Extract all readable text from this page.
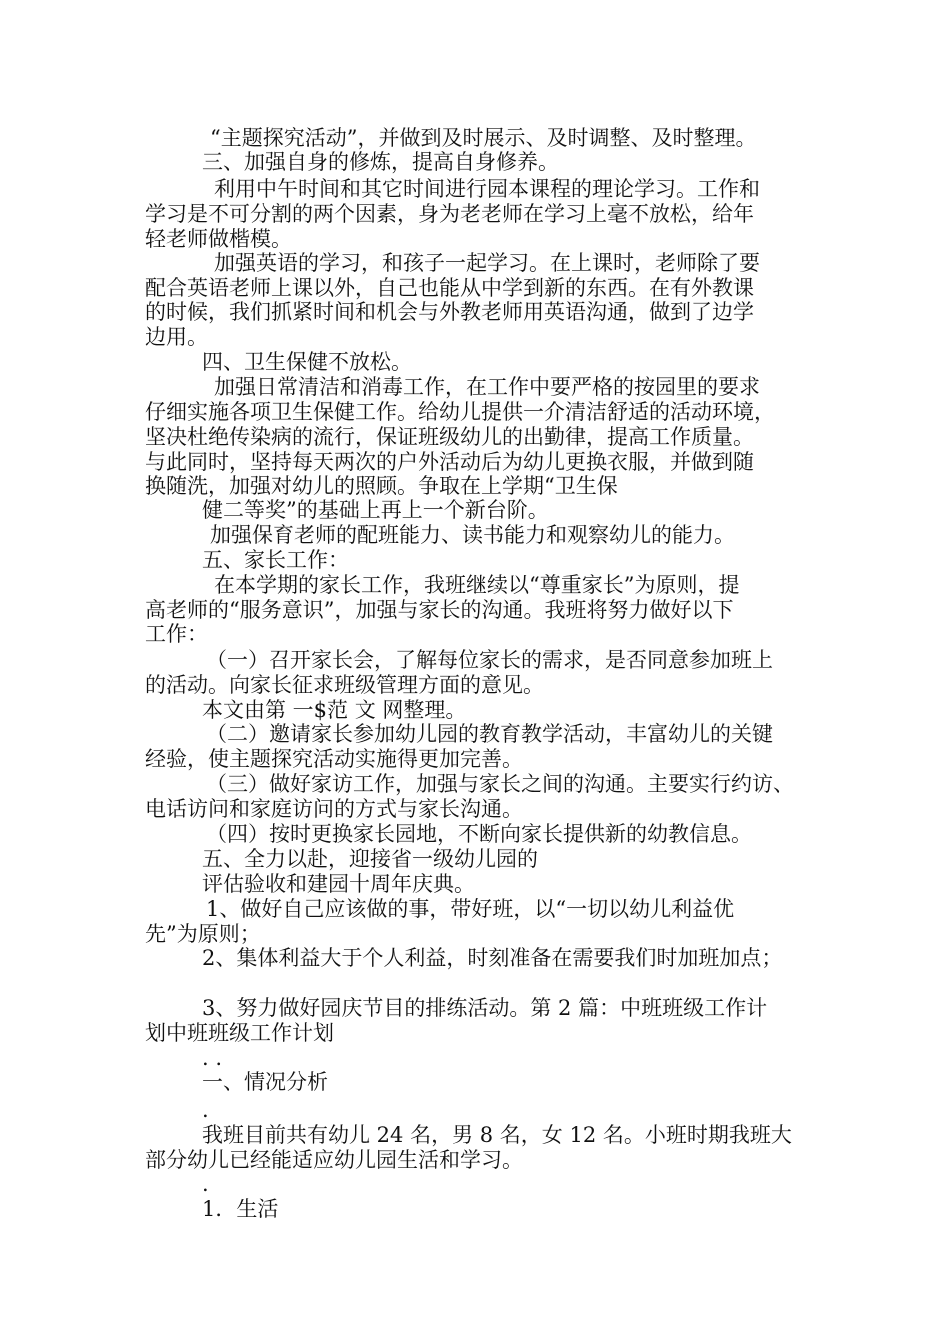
“主题探究活动”，并做到及时展示、及时调整、及时整理。

三、加强自身的修炼，提高自身修养。

利用中午时间和其它时间进行园本课程的理论学习。工作和

学习是不可分割的两个因素，身为老老师在学习上毫不放松，给年

轻老师做楷模。

加强英语的学习，和孩子一起学习。在上课时，老师除了要

配合英语老师上课以外，自己也能从中学到新的东西。在有外教课

的时候，我们抓紧时间和机会与外教老师用英语沟通，做到了边学

边用。

四、卫生保健不放松。

加强日常清洁和消毒工作，在工作中要严格的按园里的要求

仔细实施各项卫生保健工作。给幼儿提供一介清洁舒适的活动环境，

坚决杜绝传染病的流行，保证班级幼儿的出勤律，提高工作质量。

与此同时，坚持每天两次的户外活动后为幼儿更换衣服，并做到随

换随洗，加强对幼儿的照顾。争取在上学期“卫生保

健二等奖”的基础上再上一个新台阶。

加强保育老师的配班能力、读书能力和观察幼儿的能力。

五、家长工作：

在本学期的家长工作，我班继续以“尊重家长”为原则，提

高老师的“服务意识”，加强与家长的沟通。我班将努力做好以下

工作：

（一）召开家长会，了解每位家长的需求，是否同意参加班上

的活动。向家长征求班级管理方面的意见。

本文由第 一$范 文 网整理。

（二）邀请家长参加幼儿园的教育教学活动，丰富幼儿的关键

经验，使主题探究活动实施得更加完善。

（三）做好家访工作，加强与家长之间的沟通。主要实行约访、

电话访问和家庭访问的方式与家长沟通。

（四）按时更换家长园地，不断向家长提供新的幼教信息。

五、全力以赴，迎接省一级幼儿园的

评估验收和建园十周年庆典。

1、做好自己应该做的事，带好班，以“一切以幼儿利益优

先”为原则；

2、集体利益大于个人利益，时刻准备在需要我们时加班加点；

3、努力做好园庆节目的排练活动。第 2 篇：中班班级工作计

划中班班级工作计划

. .

一、情况分析

.

我班目前共有幼儿 24 名，男 8 名，女 12 名。小班时期我班大

部分幼儿已经能适应幼儿园生活和学习。

.

1．生活
